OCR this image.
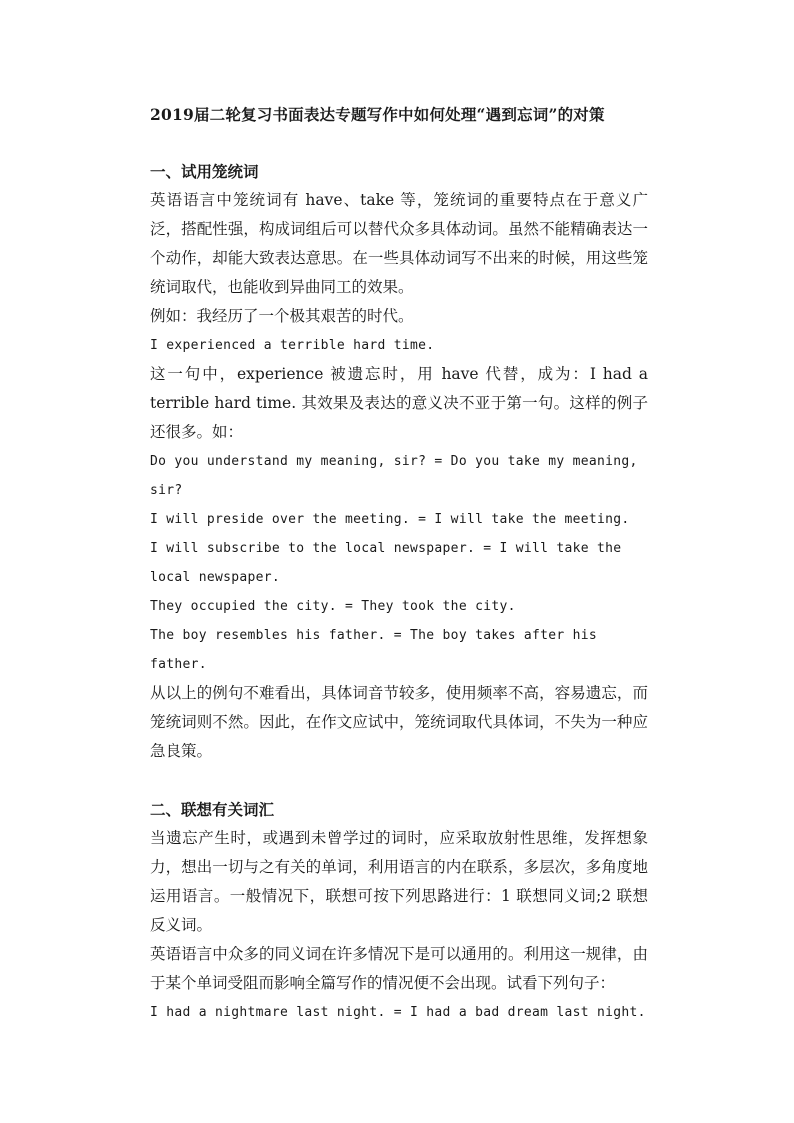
2019届二轮复习书面表达专题写作中如何处理“遇到忘词”的对策
一、试用笼统词
英语语言中笼统词有 have、take 等，笼统词的重要特点在于意义广泛，搭配性强，构成词组后可以替代众多具体动词。虽然不能精确表达一个动作，却能大致表达意思。在一些具体动词写不出来的时候，用这些笼统词取代，也能收到异曲同工的效果。
例如：我经历了一个极其艰苦的时代。
I experienced a terrible hard time.
这一句中，experience 被遗忘时，用 have 代替，成为：I had a terrible hard time. 其效果及表达的意义决不亚于第一句。这样的例子还很多。如：
Do you understand my meaning, sir? = Do you take my meaning, sir?
I will preside over the meeting. = I will take the meeting.
I will subscribe to the local newspaper. = I will take the local newspaper.
They occupied the city. = They took the city.
The boy resembles his father. = The boy takes after his father.
从以上的例句不难看出，具体词音节较多，使用频率不高，容易遗忘，而笼统词则不然。因此，在作文应试中，笼统词取代具体词，不失为一种应急良策。
二、联想有关词汇
当遗忘产生时，或遇到未曾学过的词时，应采取放射性思维，发挥想象力，想出一切与之有关的单词，利用语言的内在联系，多层次，多角度地运用语言。一般情况下，联想可按下列思路进行：1 联想同义词;2 联想反义词。
英语语言中众多的同义词在许多情况下是可以通用的。利用这一规律，由于某个单词受阻而影响全篇写作的情况便不会出现。试看下列句子：
I had a nightmare last night. = I had a bad dream last night.
